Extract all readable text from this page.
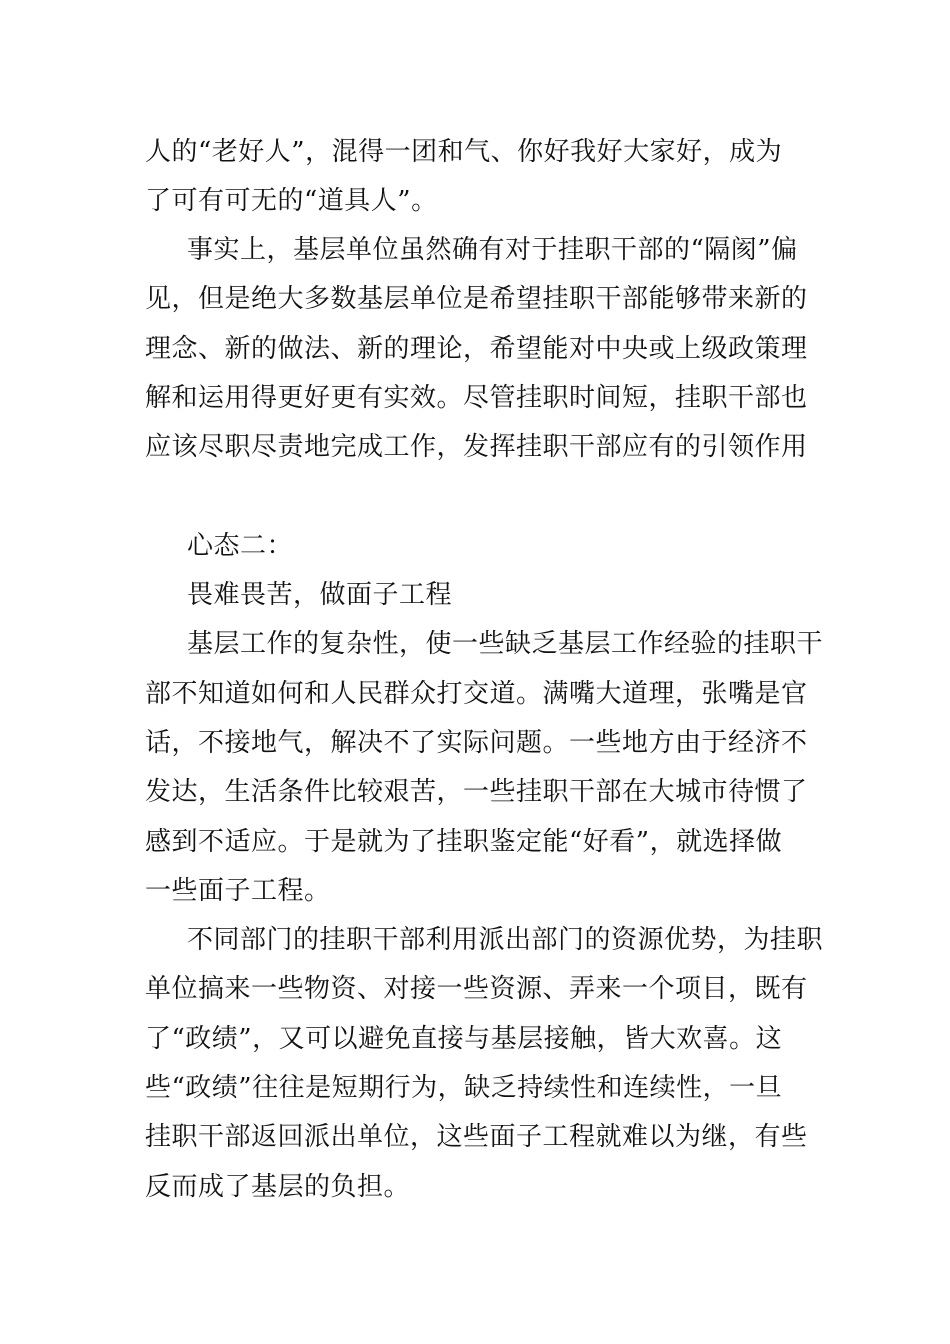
人的“老好人”，混得一团和气、你好我好大家好，成为
了可有可无的“道具人”。
事实上，基层单位虽然确有对于挂职干部的“隔阂”偏
见，但是绝大多数基层单位是希望挂职干部能够带来新的
理念、新的做法、新的理论，希望能对中央或上级政策理
解和运用得更好更有实效。尽管挂职时间短，挂职干部也
应该尽职尽责地完成工作，发挥挂职干部应有的引领作用
心态二：
畏难畏苦，做面子工程
基层工作的复杂性，使一些缺乏基层工作经验的挂职干
部不知道如何和人民群众打交道。满嘴大道理，张嘴是官
话，不接地气，解决不了实际问题。一些地方由于经济不
发达，生活条件比较艰苦，一些挂职干部在大城市待惯了
感到不适应。于是就为了挂职鉴定能“好看”，就选择做
一些面子工程。
不同部门的挂职干部利用派出部门的资源优势，为挂职
单位搞来一些物资、对接一些资源、弄来一个项目，既有
了“政绩”，又可以避免直接与基层接触，皆大欢喜。这
些“政绩”往往是短期行为，缺乏持续性和连续性，一旦
挂职干部返回派出单位，这些面子工程就难以为继，有些
反而成了基层的负担。
